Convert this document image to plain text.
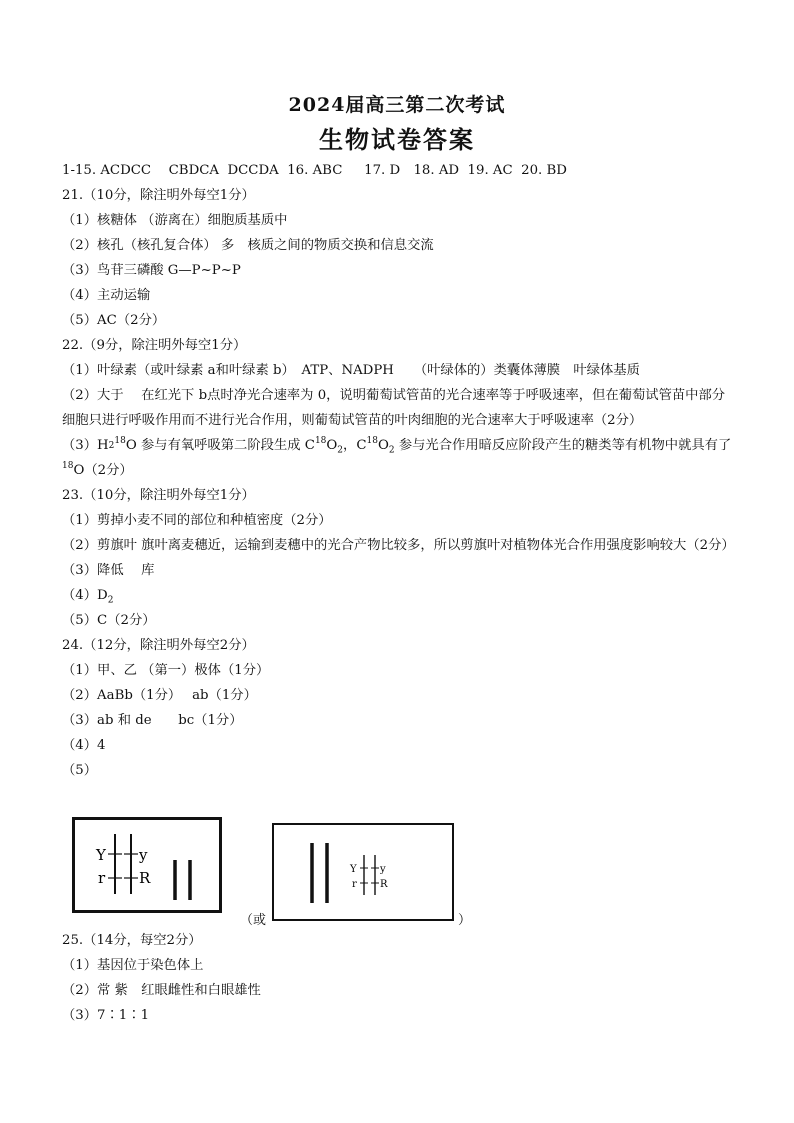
2024届高三第二次考试
生物试卷答案
1-15. ACDCC　 CBDCA  DCCDA  16. ABC　  17. D　18. AD  19. AC  20. BD
21.（10分，除注明外每空1分）
（1）核糖体 （游离在）细胞质基质中
（2）核孔（核孔复合体） 多　核质之间的物质交换和信息交流
（3）鸟苷三磷酸 G—P~P~P
（4）主动运输
（5）AC（2分）
22.（9分，除注明外每空1分）
（1）叶绿素（或叶绿素 a和叶绿素 b）　ATP、NADPH　　（叶绿体的）类囊体薄膜　叶绿体基质
（2）大于　 在红光下 b点时净光合速率为 0，说明葡萄试管苗的光合速率等于呼吸速率，但在葡萄试管苗中部分细胞只进行呼吸作用而不进行光合作用，则葡萄试管苗的叶肉细胞的光合速率大于呼吸速率（2分）
$(3)H^{218}O$ 参与有氧呼吸第二阶段生成 $C^{18}O_2$，$C^{18}O_2$ 参与光合作用暗反应阶段产生的糖类等有机物中就具有了 $^{18}$O（2分）
23.（10分，除注明外每空1分）
（1）剪掉小麦不同的部位和种植密度（2分）
（2）剪旗叶 旗叶离麦穗近，运输到麦穗中的光合产物比较多，所以剪旗叶对植物体光合作用强度影响较大（2分）
（3）降低　 库
$(4)D_2$
（5）C（2分）
24.（12分，除注明外每空2分）
（1）甲、乙 （第一）极体（1分）
（2）AaBb（1分）　 ab（1分）
（3）ab 和 de　　bc（1分）
（4）4
（5）
Y
r
y
R
（或
Y
r
y
R
）
25.（14分，每空2分）
（1）基因位于染色体上
（2）常 紫　红眼雌性和白眼雄性
（3）7∶1∶1
